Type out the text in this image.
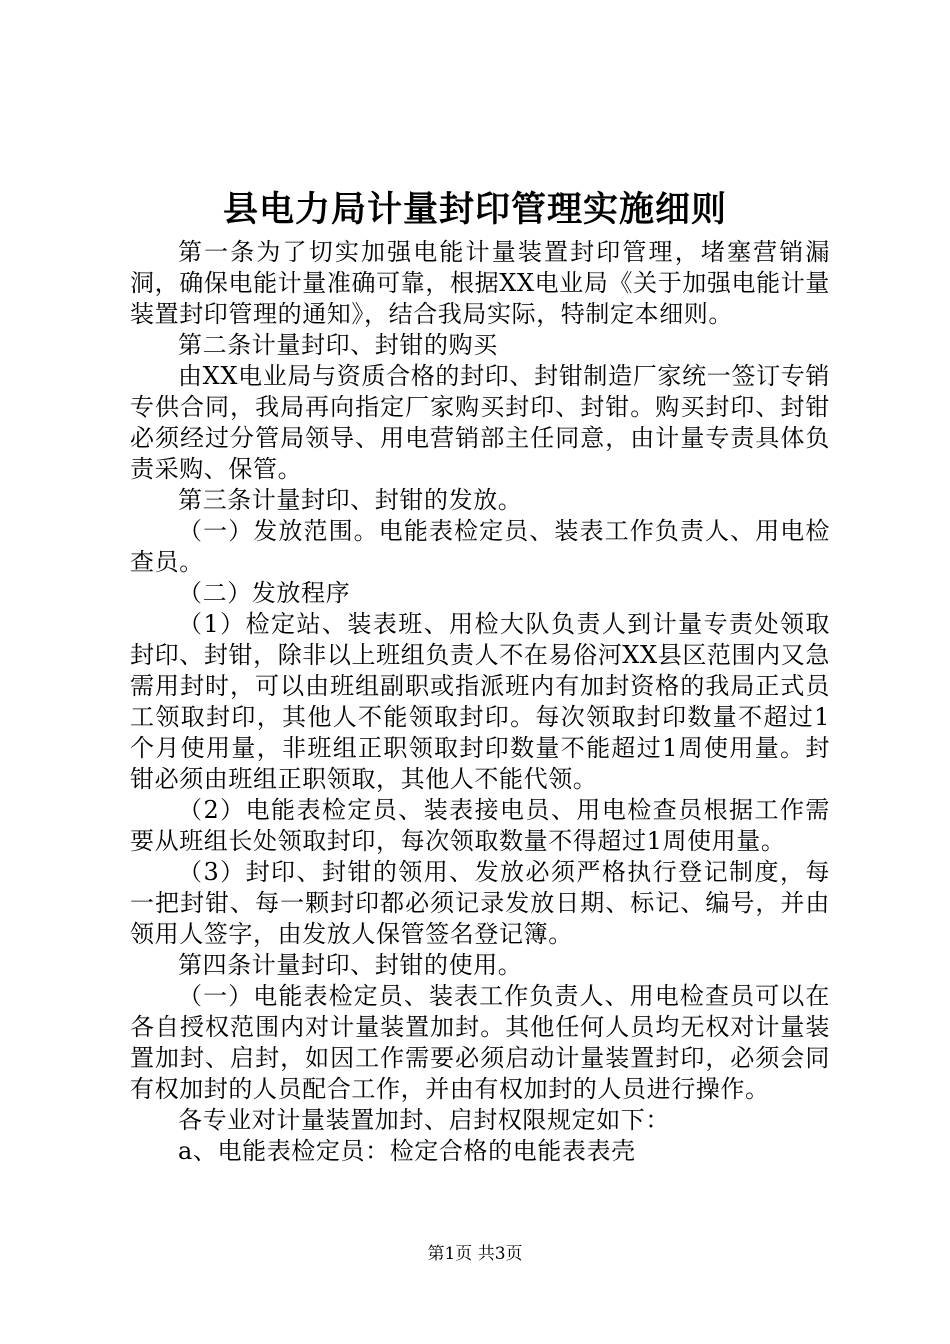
县电力局计量封印管理实施细则

第一条为了切实加强电能计量装置封印管理，堵塞营销漏洞，确保电能计量准确可靠，根据XX电业局《关于加强电能计量装置封印管理的通知》，结合我局实际，特制定本细则。

第二条计量封印、封钳的购买

由XX电业局与资质合格的封印、封钳制造厂家统一签订专销专供合同，我局再向指定厂家购买封印、封钳。购买封印、封钳必须经过分管局领导、用电营销部主任同意，由计量专责具体负责采购、保管。

第三条计量封印、封钳的发放。

（一）发放范围。电能表检定员、装表工作负责人、用电检查员。

（二）发放程序

（1）检定站、装表班、用检大队负责人到计量专责处领取封印、封钳，除非以上班组负责人不在易俗河XX县区范围内又急需用封时，可以由班组副职或指派班内有加封资格的我局正式员工领取封印，其他人不能领取封印。每次领取封印数量不超过1个月使用量，非班组正职领取封印数量不能超过1周使用量。封钳必须由班组正职领取，其他人不能代领。

（2）电能表检定员、装表接电员、用电检查员根据工作需要从班组长处领取封印，每次领取数量不得超过1周使用量。

（3）封印、封钳的领用、发放必须严格执行登记制度，每一把封钳、每一颗封印都必须记录发放日期、标记、编号，并由领用人签字，由发放人保管签名登记簿。

第四条计量封印、封钳的使用。

（一）电能表检定员、装表工作负责人、用电检查员可以在各自授权范围内对计量装置加封。其他任何人员均无权对计量装置加封、启封，如因工作需要必须启动计量装置封印，必须会同有权加封的人员配合工作，并由有权加封的人员进行操作。

各专业对计量装置加封、启封权限规定如下：

a、电能表检定员：检定合格的电能表表壳

第1页 共3页
